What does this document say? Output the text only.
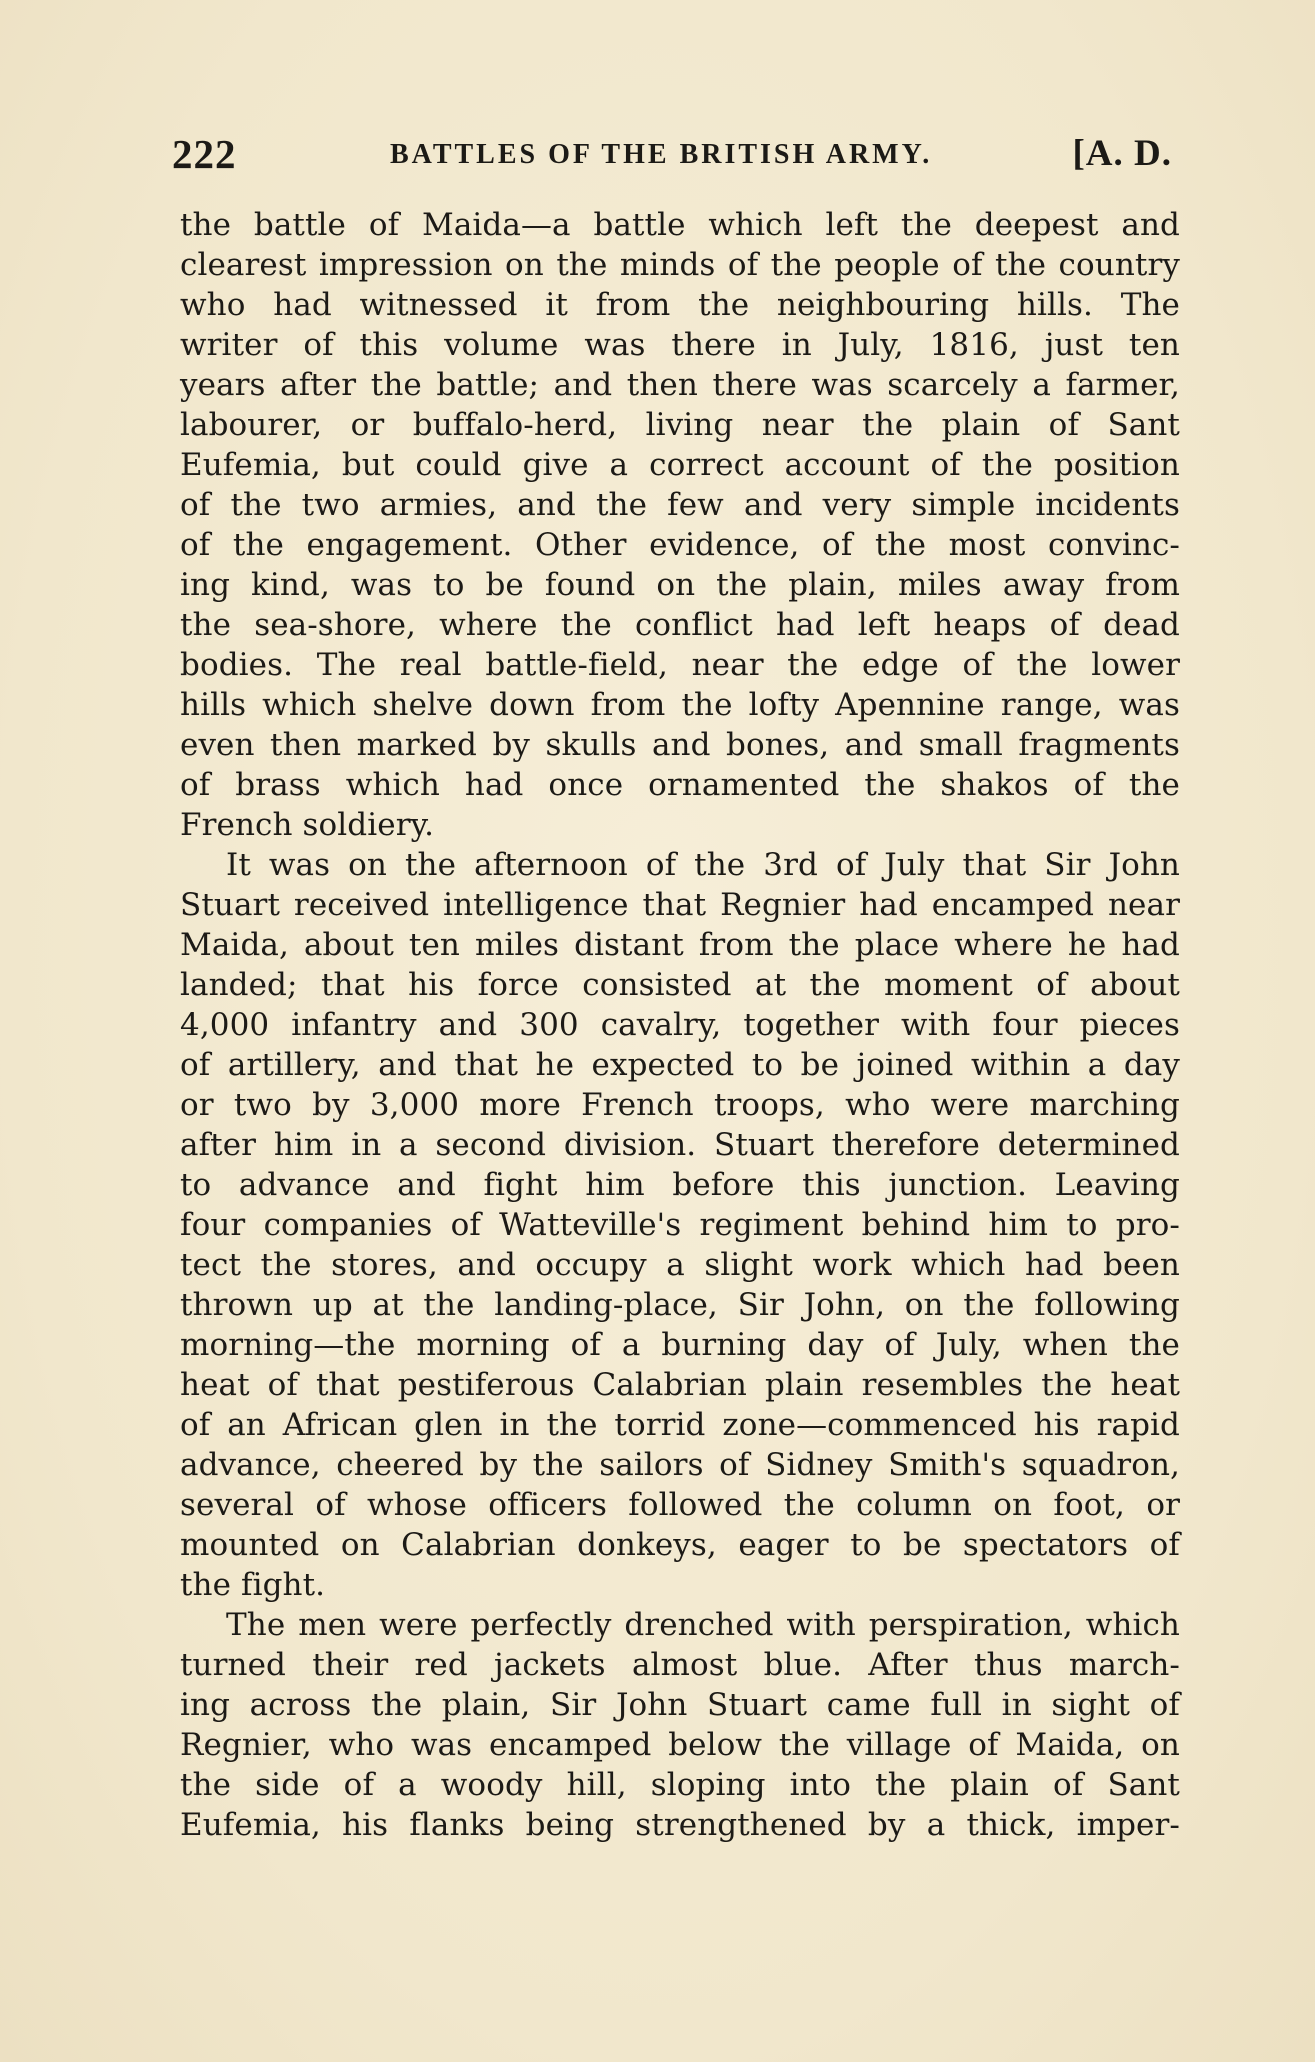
222	BATTLES OF THE BRITISH ARMY.	[A. D.
the battle of Maida—a battle which left the deepest and
clearest impression on the minds of the people of the country
who had witnessed it from the neighbouring hills. The
writer of this volume was there in July, 1816, just ten
years after the battle; and then there was scarcely a farmer,
labourer, or buffalo-herd, living near the plain of Sant
Eufemia, but could give a correct account of the position
of the two armies, and the few and very simple incidents
of the engagement. Other evidence, of the most convinc-
ing kind, was to be found on the plain, miles away from
the sea-shore, where the conflict had left heaps of dead
bodies. The real battle-field, near the edge of the lower
hills which shelve down from the lofty Apennine range, was
even then marked by skulls and bones, and small fragments
of brass which had once ornamented the shakos of the
French soldiery.
It was on the afternoon of the 3rd of July that Sir John
Stuart received intelligence that Regnier had encamped near
Maida, about ten miles distant from the place where he had
landed; that his force consisted at the moment of about
4,000 infantry and 300 cavalry, together with four pieces
of artillery, and that he expected to be joined within a day
or two by 3,000 more French troops, who were marching
after him in a second division. Stuart therefore determined
to advance and fight him before this junction. Leaving
four companies of Watteville's regiment behind him to pro-
tect the stores, and occupy a slight work which had been
thrown up at the landing-place, Sir John, on the following
morning—the morning of a burning day of July, when the
heat of that pestiferous Calabrian plain resembles the heat
of an African glen in the torrid zone—commenced his rapid
advance, cheered by the sailors of Sidney Smith's squadron,
several of whose officers followed the column on foot, or
mounted on Calabrian donkeys, eager to be spectators of
the fight.
The men were perfectly drenched with perspiration, which
turned their red jackets almost blue. After thus march-
ing across the plain, Sir John Stuart came full in sight of
Regnier, who was encamped below the village of Maida, on
the side of a woody hill, sloping into the plain of Sant
Eufemia, his flanks being strengthened by a thick, imper-
